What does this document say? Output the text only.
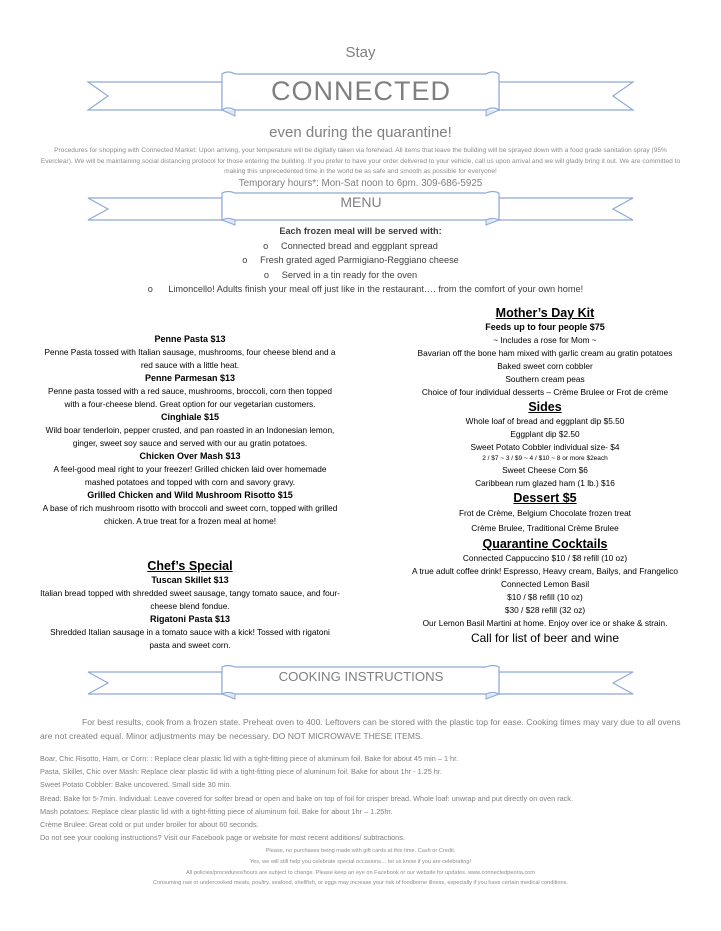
Stay
CONNECTED
even during the quarantine!
Procedures for shopping with Connected Market: Upon arriving, your temperature will be digitally taken via forehead. All items that leave the building will be sprayed down with a food grade sanitation spray (95% Everclear). We will be maintaining social distancing protocol for those entering the building. If you prefer to have your order delivered to your vehicle, call us upon arrival and we will gladly bring it out. We are committed to making this unprecedented time in the world be as safe and smooth as possible for everyone!
Temporary hours*: Mon-Sat noon to 6pm. 309-686-5925
MENU
Each frozen meal will be served with:
o Connected bread and eggplant spread
o Fresh grated aged Parmigiano-Reggiano cheese
o Served in a tin ready for the oven
o Limoncello! Adults finish your meal off just like in the restaurant…. from the comfort of your own home!
Penne Pasta $13
Penne Pasta tossed with Italian sausage, mushrooms, four cheese blend and a red sauce with a little heat.
Penne Parmesan $13
Penne pasta tossed with a red sauce, mushrooms, broccoli, corn then topped with a four-cheese blend. Great option for our vegetarian customers.
Cinghiale $15
Wild boar tenderloin, pepper crusted, and pan roasted in an Indonesian lemon, ginger, sweet soy sauce and served with our au gratin potatoes.
Chicken Over Mash $13
A feel-good meal right to your freezer! Grilled chicken laid over homemade mashed potatoes and topped with corn and savory gravy.
Grilled Chicken and Wild Mushroom Risotto $15
A base of rich mushroom risotto with broccoli and sweet corn, topped with grilled chicken. A true treat for a frozen meal at home!
Chef’s Special
Tuscan Skillet $13
Italian bread topped with shredded sweet sausage, tangy tomato sauce, and four-cheese blend fondue.
Rigatoni Pasta $13
Shredded Italian sausage in a tomato sauce with a kick! Tossed with rigatoni pasta and sweet corn.
Mother’s Day Kit
Feeds up to four people $75
~ Includes a rose for Mom ~
Bavarian off the bone ham mixed with garlic cream au gratin potatoes
Baked sweet corn cobbler
Southern cream peas
Choice of four individual desserts – Crème Brulee or Frot de crème
Sides
Whole loaf of bread and eggplant dip $5.50
Eggplant dip $2.50
Sweet Potato Cobbler individual size- $4
2 / $7 ~ 3 / $9 ~ 4 / $10 ~ 8 or more $2each
Sweet Cheese Corn $6
Caribbean rum glazed ham (1 lb.) $16
Dessert $5
Frot de Crème, Belgium Chocolate frozen treat
Crème Brulee, Traditional Crème Brulee
Quarantine Cocktails
Connected Cappuccino $10 / $8 refill (10 oz)
A true adult coffee drink! Espresso, Heavy cream, Bailys, and Frangelico
Connected Lemon Basil
$10 / $8 refill (10 oz)
$30 / $28 refill (32 oz)
Our Lemon Basil Martini at home. Enjoy over ice or shake & strain.
Call for list of beer and wine
COOKING INSTRUCTIONS
For best results, cook from a frozen state. Preheat oven to 400. Leftovers can be stored with the plastic top for ease. Cooking times may vary due to all ovens are not created equal. Minor adjustments may be necessary. DO NOT MICROWAVE THESE ITEMS.
Boar, Chic Risotto, Ham, or Corn: : Replace clear plastic lid with a tight-fitting piece of aluminum foil. Bake for about 45 min – 1 hr.
Pasta, Skillet, Chic over Mash: Replace clear plastic lid with a tight-fitting piece of aluminum foil. Bake for about 1hr - 1.25 hr.
Sweet Potato Cobbler: Bake uncovered. Small side 30 min.
Bread: Bake for 5-7min. Individual: Leave covered for softer bread or open and bake on top of foil for crisper bread. Whole loaf: unwrap and put directly on oven rack.
Mash potatoes: Replace clear plastic lid with a tight-fitting piece of aluminum foil. Bake for about 1hr – 1.25hr.
Crème Brulee: Great cold or put under broiler for about 60 seconds.
Do not see your cooking instructions? Visit our Facebook page or website for most recent additions/ subtractions.
Please, no purchases being made with gift cards at this time. Cash or Credit.
Yes, we will still help you celebrate special occasions… let us know if you are celebrating!
All policies/procedures/hours are subject to change. Please keep an eye on Facebook or our website for updates. www.connectedpeoria.com
Consuming raw or undercooked meats, poultry, seafood, shellfish, or eggs may increase your risk of foodborne illness, especially if you have certain medical conditions.
